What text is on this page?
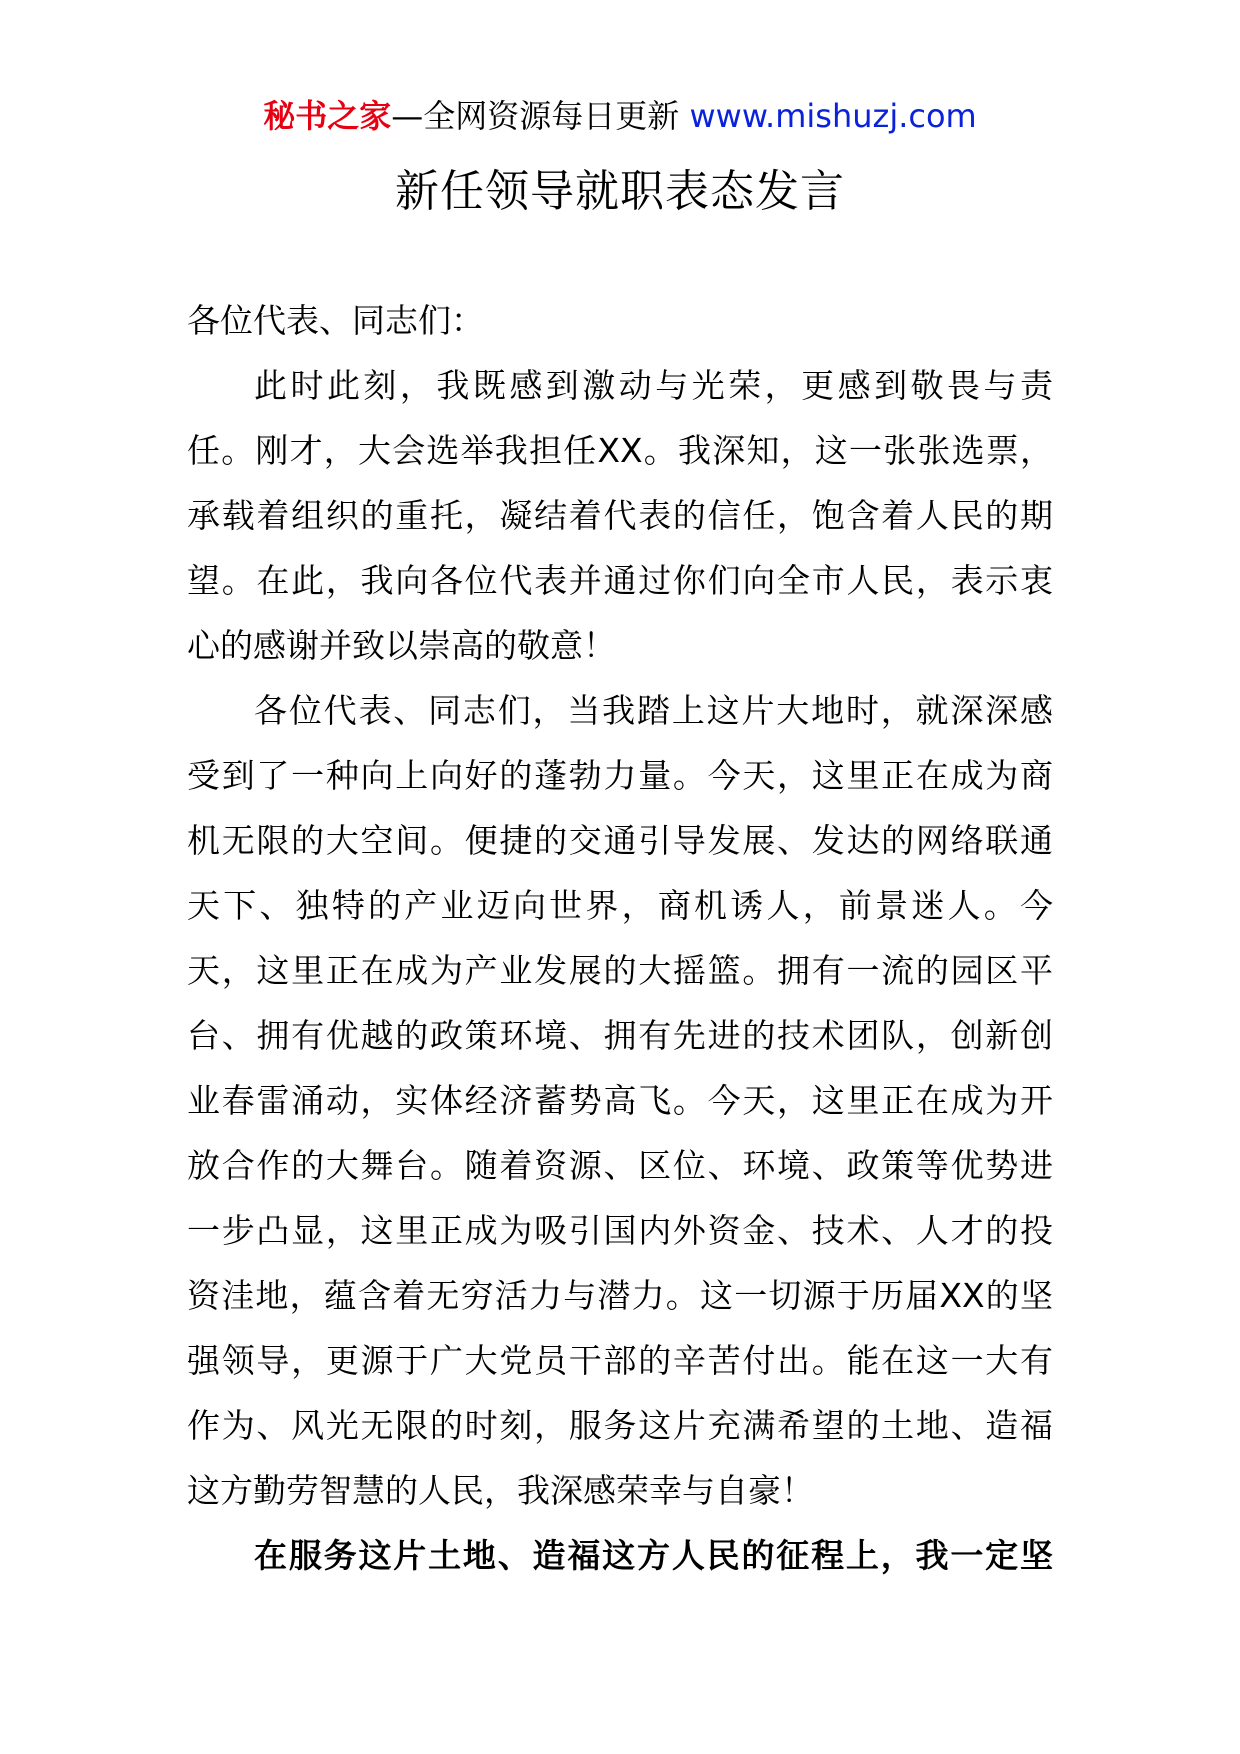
秘书之家—全网资源每日更新 www.mishuzj.com
新任领导就职表态发言
各位代表、同志们：
此时此刻，我既感到激动与光荣，更感到敬畏与责
任。刚才，大会选举我担任XX。我深知，这一张张选票，
承载着组织的重托，凝结着代表的信任，饱含着人民的期
望。在此，我向各位代表并通过你们向全市人民，表示衷
心的感谢并致以崇高的敬意！
各位代表、同志们，当我踏上这片大地时，就深深感
受到了一种向上向好的蓬勃力量。今天，这里正在成为商
机无限的大空间。便捷的交通引导发展、发达的网络联通
天下、独特的产业迈向世界，商机诱人，前景迷人。今
天，这里正在成为产业发展的大摇篮。拥有一流的园区平
台、拥有优越的政策环境、拥有先进的技术团队，创新创
业春雷涌动，实体经济蓄势高飞。今天，这里正在成为开
放合作的大舞台。随着资源、区位、环境、政策等优势进
一步凸显，这里正成为吸引国内外资金、技术、人才的投
资洼地，蕴含着无穷活力与潜力。这一切源于历届XX的坚
强领导，更源于广大党员干部的辛苦付出。能在这一大有
作为、风光无限的时刻，服务这片充满希望的土地、造福
这方勤劳智慧的人民，我深感荣幸与自豪！
在服务这片土地、造福这方人民的征程上，我一定坚
